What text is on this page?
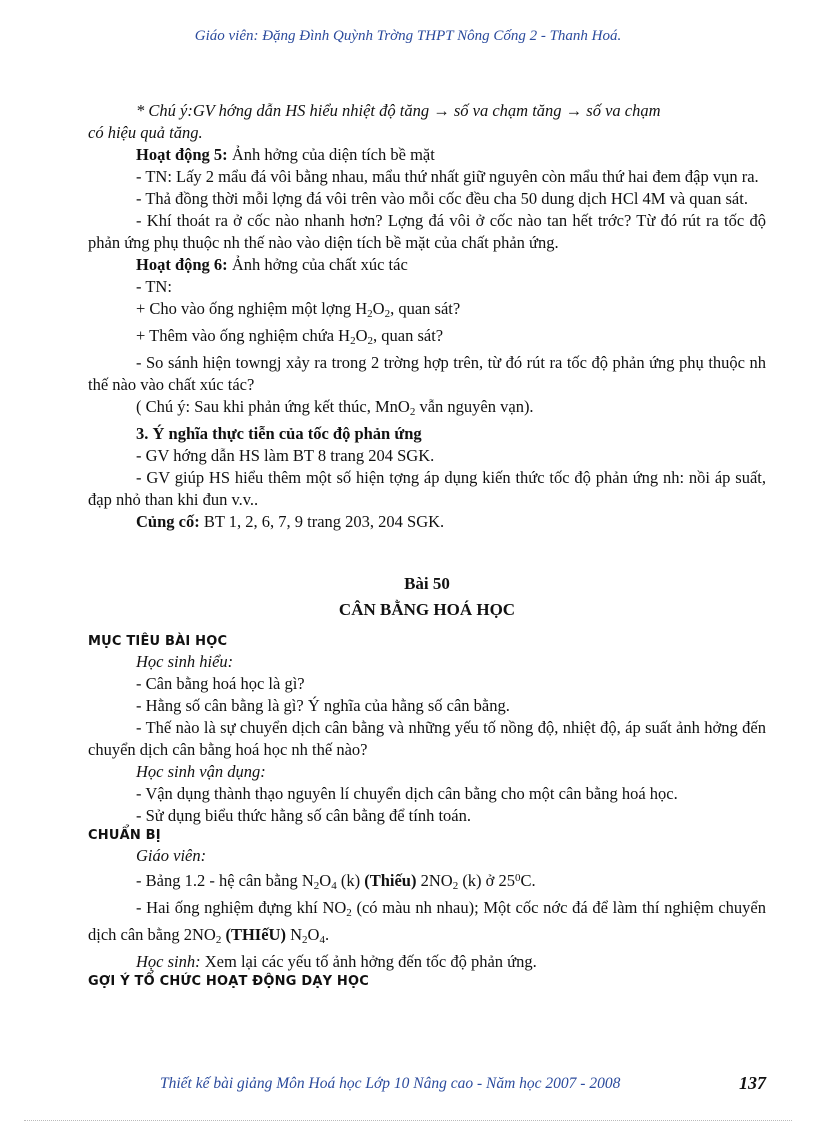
Giáo viên: Đặng Đình Quỳnh Trờng THPT Nông Cống 2 - Thanh Hoá.

* Chú ý:GV hớng dẫn HS hiểu nhiệt độ tăng → số va chạm tăng → số va chạm

có hiệu quả tăng.

Hoạt động 5: Ảnh hởng của diện tích bề mặt

- TN: Lấy 2 mẩu đá vôi bằng nhau, mẩu thứ nhất giữ nguyên còn mẩu thứ hai đem đập vụn ra.

- Thả đồng thời mỗi lợng đá vôi trên vào mỗi cốc đều cha 50 dung dịch HCl 4M và quan sát.

- Khí thoát ra ở cốc nào nhanh hơn? Lợng đá vôi ở cốc nào tan hết trớc? Từ đó rút ra tốc độ phản ứng phụ thuộc nh thế nào vào diện tích bề mặt của chất phản ứng.

Hoạt động 6: Ảnh hởng của chất xúc tác

- TN:

+ Cho vào ống nghiệm một lợng $H_2O_2$, quan sát?

+ Thêm vào ống nghiệm chứa $H_2O_2$, quan sát?

- So sánh hiện towngj xảy ra trong 2 trờng hợp trên, từ đó rút ra tốc độ phản ứng phụ thuộc nh thế nào vào chất xúc tác?

( Chú ý: Sau khi phản ứng kết thúc, MnO$_2$ vẫn nguyên vạn).

3. Ý nghĩa thực tiễn của tốc độ phản ứng

- GV hớng dẫn HS làm BT 8 trang 204 SGK.

- GV giúp HS hiểu thêm một số hiện tợng áp dụng kiến thức tốc độ phản ứng nh: nồi áp suất, đạp nhỏ than khi đun v.v..

Củng cố: BT 1, 2, 6, 7, 9 trang 203, 204 SGK.

Bài 50
CÂN BẰNG HOÁ HỌC

MỤC TIÊU BÀI HỌC

Học sinh hiểu:

- Cân bằng hoá học là gì?

- Hằng số cân bằng là gì? Ý nghĩa của hằng số cân bằng.

- Thế nào là sự chuyển dịch cân bằng và những yếu tố nồng độ, nhiệt độ, áp suất ảnh hởng đến chuyển dịch cân bằng hoá học nh thế nào?

Học sinh vận dụng:

- Vận dụng thành thạo nguyên lí chuyển dịch cân bằng cho một cân bằng hoá học.

- Sử dụng biểu thức hằng số cân bằng để tính toán.

CHUẨN BỊ

Giáo viên:

- Bảng 1.2 - hệ cân bằng $N_2O_4$ (k) (Thiếu) $2NO_2$ (k) ở $25^0C$.

- Hai ống nghiệm đựng khí $NO_2$ (có màu nh nhau); Một cốc nớc đá để làm thí nghiệm chuyển dịch cân bằng $2NO_2$ (THIếU) $N_2O_4$.

Học sinh: Xem lại các yếu tố ảnh hởng đến tốc độ phản ứng.

GỢI Ý TỔ CHỨC HOẠT ĐỘNG DẠY HỌC

Thiết kế bài giảng Môn Hoá học Lớp 10 Nâng cao - Năm học 2007 - 2008	137
